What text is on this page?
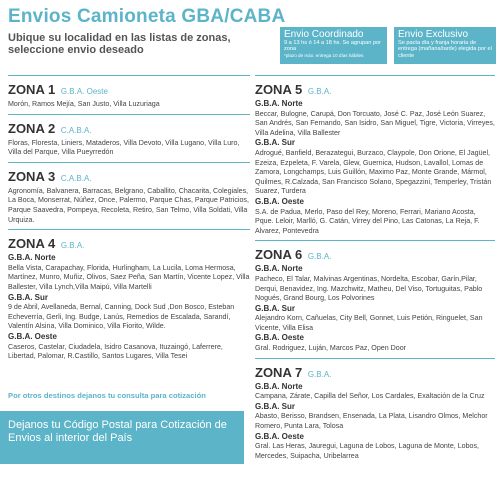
Envios Camioneta GBA/CABA
Ubique su localidad en las listas de zonas, seleccione envio deseado
Envio Coordinado
9 a 13 hs ó 14 a 18 hs. Se agrupan por zona
*plazo de máx. entrega 10 días hábiles
Envio Exclusivo
Se pacta día y franja horaria de entrega (mañana/tarde) elegida por el cliente
ZONA 1 G.B.A. Oeste
Morón, Ramos Mejía, San Justo, Villa Luzuriaga
ZONA 2 C.A.B.A.
Floras, Floresta, Liniers, Mataderos, Villa Devoto, Villa Lugano, Villa Luro, Villa del Parque, Villa Pueyrredón
ZONA 3 C.A.B.A.
Agronomía, Balvanera, Barracas, Belgrano, Caballito, Chacarita, Colegiales, La Boca, Monserrat, Núñez, Once, Palermo, Parque Chas, Parque Patricios, Parque Saavedra, Pompeya, Recoleta, Retiro, San Telmo, Villa Soldati, Villa Urquiza.
ZONA 4 G.B.A.
G.B.A. Norte
Bella Vista, Carapachay, Florida, Hurlingham, La Lucila, Loma Hermosa, Martínez, Munro, Muñiz, Olivos, Saez Peña, San Martín, Vicente Lopez, Villa Ballester, Villa Lynch,Villa Maipú, Villa Martelli
G.B.A. Sur
9 de Abril, Avellaneda, Bernal, Canning, Dock Sud ,Don Bosco, Esteban Echeverría, Gerli, Ing. Budge, Lanús, Remedios de Escalada, Sarandí, Valentín Alsina, Villa Dominico, Villa Fiorito, Wilde.
G.B.A. Oeste
Caseros, Castelar, Ciudadela, Isidro Casanova, Ituzaingó, Laferrere, Libertad, Palomar, R.Castillo, Santos Lugares, Villa Tesei
ZONA 5 G.B.A.
G.B.A. Norte
Beccar, Bulogne, Carupá, Don Torcuato, José C. Paz, José León Suarez, San Andrés, San Fernando, San Isidro, San Miguel, Tigre, Victoria, Virreyes, Villa Adelina, Villa Ballester
G.B.A. Sur
Adrogué, Banfield, Berazategui, Burzaco, Claypole, Don Orione, El Jagüel, Ezeiza, Ezpeleta, F. Varela, Glew, Guernica, Hudson, Lavallol, Lomas de Zamora, Longchamps, Luis Guillón, Maximo Paz, Monte Grande, Mármol, Quilmes, R.Calzada, San Francisco Solano, Spegazzini, Temperley, Tristán Suarez, Turdera
G.B.A. Oeste
S.A. de Padua, Merlo, Paso del Rey, Moreno, Ferrari, Mariano Acosta, Pque. Leloir, Marlló, G. Catán, Virrey del Pino, Las Catonas, La Reja, F. Alvarez, Pontevedra
ZONA 6 G.B.A.
G.B.A. Norte
Pacheco, El Talar, Malvinas Argentinas, Nordelta, Escobar, Garín,Pilar, Derqui, Benavidez, Ing. Mazchwitz, Matheu, Del Viso, Tortuguitas, Pablo Nogués, Grand Bourg, Los Polvorines
G.B.A. Sur
Alejandro Korn, Cañuelas, City Bell, Gonnet, Luis Petión, Ringuelet, San Vicente, Villa Elisa
G.B.A. Oeste
Gral. Rodriguez, Luján, Marcos Paz, Open Door
ZONA 7 G.B.A.
G.B.A. Norte
Campana, Zárate, Capilla del Señor, Los Cardales, Exaltación de la Cruz
G.B.A. Sur
Abasto, Berisso, Brandsen, Ensenada, La Plata, Lisandro Olmos, Melchor Romero, Punta Lara, Tolosa
G.B.A. Oeste
Gral. Las Heras, Jauregui, Laguna de Lobos, Laguna de Monte, Lobos, Mercedes, Suipacha, Uribelarrea
Por otros destinos dejanos tu consulta para cotización
Dejanos tu Código Postal para Cotización de Envios al interior del País
